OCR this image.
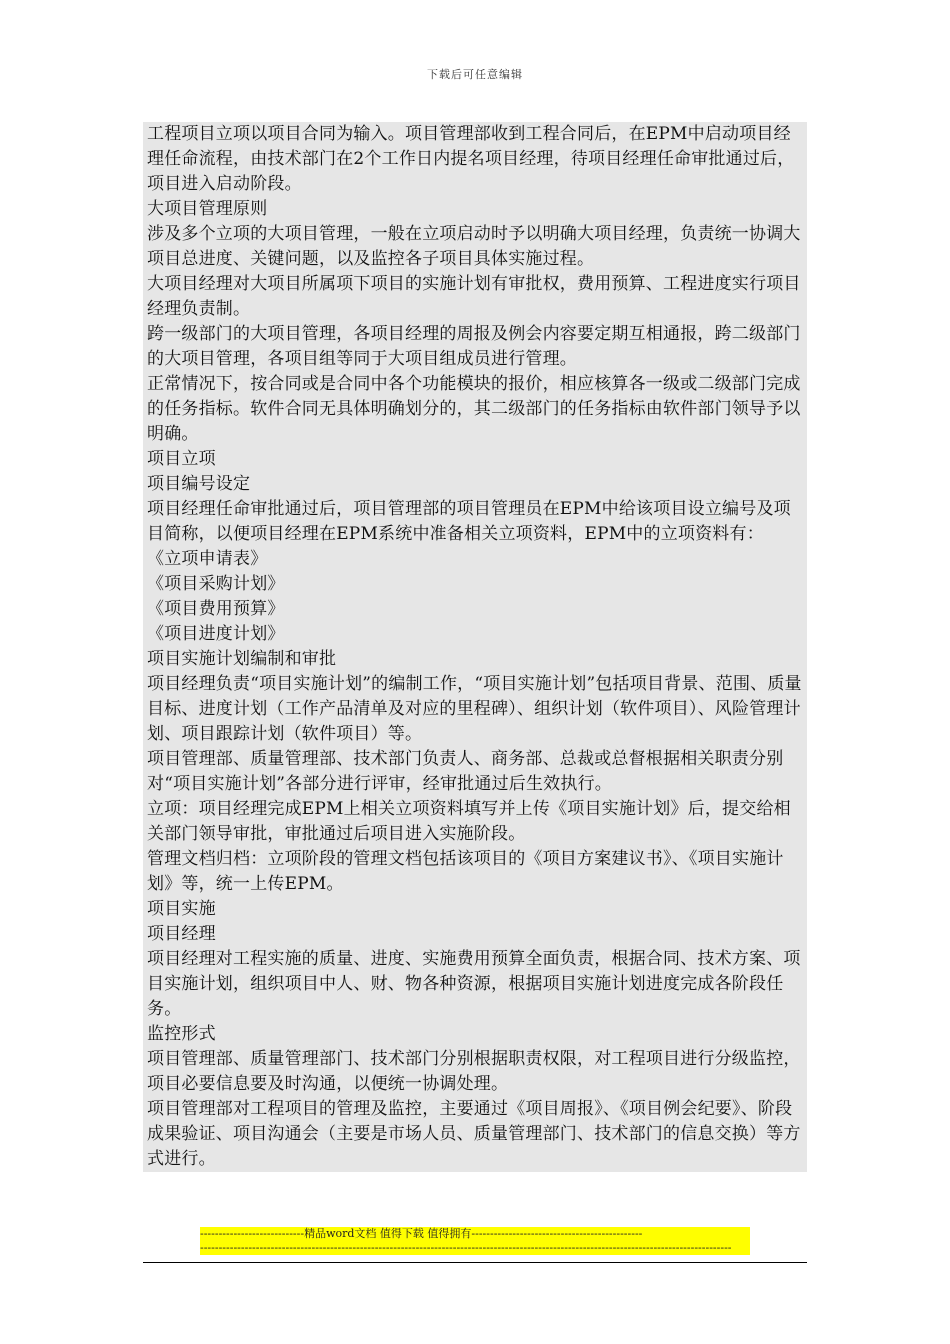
下载后可任意编辑

工程项目立项以项目合同为输入。项目管理部收到工程合同后，在EPM中启动项目经理任命流程，由技术部门在2个工作日内提名项目经理，待项目经理任命审批通过后，项目进入启动阶段。

大项目管理原则

涉及多个立项的大项目管理，一般在立项启动时予以明确大项目经理，负责统一协调大项目总进度、关键问题，以及监控各子项目具体实施过程。

大项目经理对大项目所属项下项目的实施计划有审批权，费用预算、工程进度实行项目经理负责制。

跨一级部门的大项目管理，各项目经理的周报及例会内容要定期互相通报，跨二级部门的大项目管理，各项目组等同于大项目组成员进行管理。

正常情况下，按合同或是合同中各个功能模块的报价，相应核算各一级或二级部门完成的任务指标。软件合同无具体明确划分的，其二级部门的任务指标由软件部门领导予以明确。

项目立项

项目编号设定

项目经理任命审批通过后，项目管理部的项目管理员在EPM中给该项目设立编号及项目简称，以便项目经理在EPM系统中准备相关立项资料，EPM中的立项资料有：

《立项申请表》

《项目采购计划》

《项目费用预算》

《项目进度计划》

项目实施计划编制和审批

项目经理负责“项目实施计划”的编制工作，“项目实施计划”包括项目背景、范围、质量目标、进度计划（工作产品清单及对应的里程碑）、组织计划（软件项目）、风险管理计划、项目跟踪计划（软件项目）等。

项目管理部、质量管理部、技术部门负责人、商务部、总裁或总督根据相关职责分别对“项目实施计划”各部分进行评审，经审批通过后生效执行。

立项：项目经理完成EPM上相关立项资料填写并上传《项目实施计划》后，提交给相关部门领导审批，审批通过后项目进入实施阶段。

管理文档归档：立项阶段的管理文档包括该项目的《项目方案建议书》、《项目实施计划》等，统一上传EPM。

项目实施

项目经理

项目经理对工程实施的质量、进度、实施费用预算全面负责，根据合同、技术方案、项目实施计划，组织项目中人、财、物各种资源，根据项目实施计划进度完成各阶段任务。

监控形式

项目管理部、质量管理部门、技术部门分别根据职责权限，对工程项目进行分级监控，项目必要信息要及时沟通，以便统一协调处理。

项目管理部对工程项目的管理及监控，主要通过《项目周报》、《项目例会纪要》、阶段成果验证、项目沟通会（主要是市场人员、质量管理部门、技术部门的信息交换）等方式进行。

----------------------------精品word文档 值得下载 值得拥有----------------------------------------------
-----------------------------------------------------------------------------------------------------------------------------------------------
